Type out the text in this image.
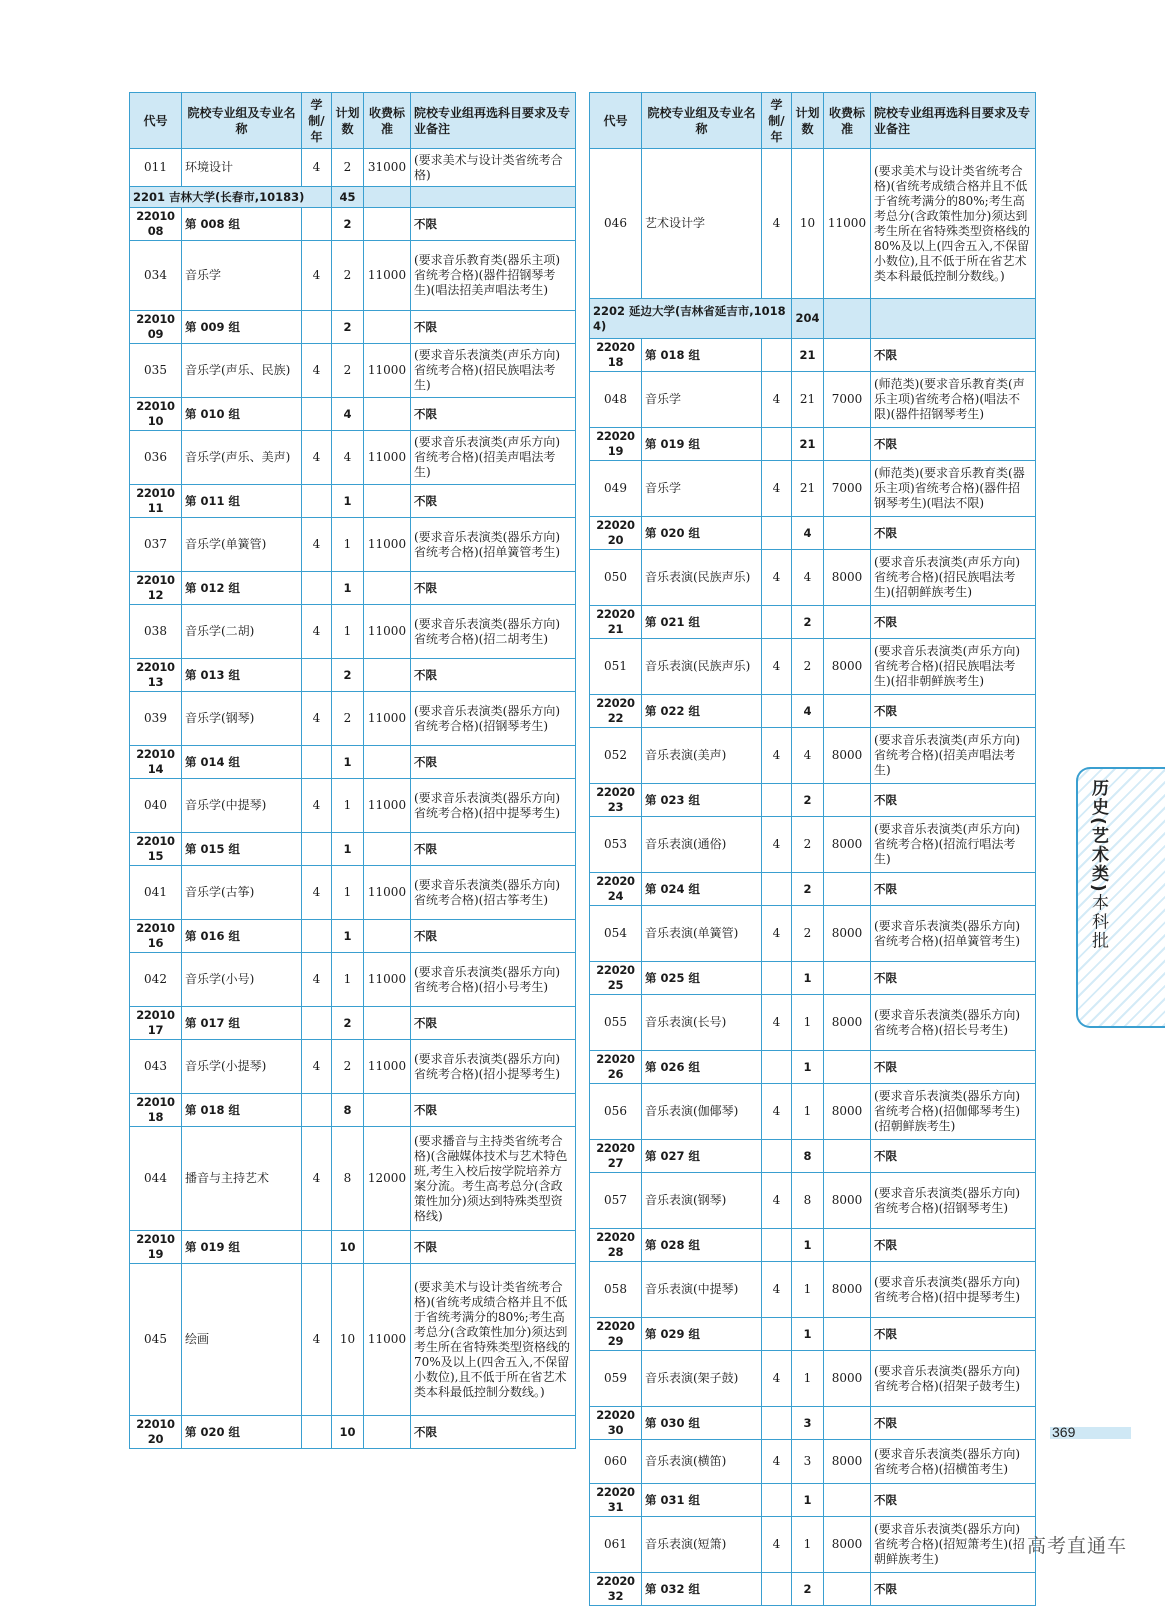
代号	院校专业组及专业名称	学制/年	计划数	收费标准	院校专业组再选科目要求及专业备注
011	环境设计	4	2	31000	(要求美术与设计类省统考合格)
2201 吉林大学(长春市,10183)			45		
2201008	第 008 组		2		不限
034	音乐学	4	2	11000	(要求音乐教育类(器乐主项)省统考合格)(器件招钢琴考生)(唱法招美声唱法考生)
2201009	第 009 组		2		不限
035	音乐学(声乐、民族)	4	2	11000	(要求音乐表演类(声乐方向)省统考合格)(招民族唱法考生)
2201010	第 010 组		4		不限
036	音乐学(声乐、美声)	4	4	11000	(要求音乐表演类(声乐方向)省统考合格)(招美声唱法考生)
2201011	第 011 组		1		不限
037	音乐学(单簧管)	4	1	11000	(要求音乐表演类(器乐方向)省统考合格)(招单簧管考生)
2201012	第 012 组		1		不限
038	音乐学(二胡)	4	1	11000	(要求音乐表演类(器乐方向)省统考合格)(招二胡考生)
2201013	第 013 组		2		不限
039	音乐学(钢琴)	4	2	11000	(要求音乐表演类(器乐方向)省统考合格)(招钢琴考生)
2201014	第 014 组		1		不限
040	音乐学(中提琴)	4	1	11000	(要求音乐表演类(器乐方向)省统考合格)(招中提琴考生)
2201015	第 015 组		1		不限
041	音乐学(古筝)	4	1	11000	(要求音乐表演类(器乐方向)省统考合格)(招古筝考生)
2201016	第 016 组		1		不限
042	音乐学(小号)	4	1	11000	(要求音乐表演类(器乐方向)省统考合格)(招小号考生)
2201017	第 017 组		2		不限
043	音乐学(小提琴)	4	2	11000	(要求音乐表演类(器乐方向)省统考合格)(招小提琴考生)
2201018	第 018 组		8		不限
044	播音与主持艺术	4	8	12000	(要求播音与主持类省统考合格)(含融媒体技术与艺术特色班,考生入校后按学院培养方案分流。考生高考总分(含政策性加分)须达到特殊类型资格线)
2201019	第 019 组		10		不限
045	绘画	4	10	11000	(要求美术与设计类省统考合格)(省统考成绩合格并且不低于省统考满分的80%;考生高考总分(含政策性加分)须达到考生所在省特殊类型资格线的70%及以上(四舍五入,不保留小数位),且不低于所在省艺术类本科最低控制分数线。)
2201020	第 020 组		10		不限
代号	院校专业组及专业名称	学制/年	计划数	收费标准	院校专业组再选科目要求及专业备注
046	艺术设计学	4	10	11000	(要求美术与设计类省统考合格)(省统考成绩合格并且不低于省统考满分的80%;考生高考总分(含政策性加分)须达到考生所在省特殊类型资格线的80%及以上(四舍五入,不保留小数位),且不低于所在省艺术类本科最低控制分数线。)
2202 延边大学(吉林省延吉市,10184)			204		
2202018	第 018 组		21		不限
048	音乐学	4	21	7000	(师范类)(要求音乐教育类(声乐主项)省统考合格)(唱法不限)(器件招钢琴考生)
2202019	第 019 组		21		不限
049	音乐学	4	21	7000	(师范类)(要求音乐教育类(器乐主项)省统考合格)(器件招钢琴考生)(唱法不限)
2202020	第 020 组		4		不限
050	音乐表演(民族声乐)	4	4	8000	(要求音乐表演类(声乐方向)省统考合格)(招民族唱法考生)(招朝鲜族考生)
2202021	第 021 组		2		不限
051	音乐表演(民族声乐)	4	2	8000	(要求音乐表演类(声乐方向)省统考合格)(招民族唱法考生)(招非朝鲜族考生)
2202022	第 022 组		4		不限
052	音乐表演(美声)	4	4	8000	(要求音乐表演类(声乐方向)省统考合格)(招美声唱法考生)
2202023	第 023 组		2		不限
053	音乐表演(通俗)	4	2	8000	(要求音乐表演类(声乐方向)省统考合格)(招流行唱法考生)
2202024	第 024 组		2		不限
054	音乐表演(单簧管)	4	2	8000	(要求音乐表演类(器乐方向)省统考合格)(招单簧管考生)
2202025	第 025 组		1		不限
055	音乐表演(长号)	4	1	8000	(要求音乐表演类(器乐方向)省统考合格)(招长号考生)
2202026	第 026 组		1		不限
056	音乐表演(伽倻琴)	4	1	8000	(要求音乐表演类(器乐方向)省统考合格)(招伽倻琴考生)(招朝鲜族考生)
2202027	第 027 组		8		不限
057	音乐表演(钢琴)	4	8	8000	(要求音乐表演类(器乐方向)省统考合格)(招钢琴考生)
2202028	第 028 组		1		不限
058	音乐表演(中提琴)	4	1	8000	(要求音乐表演类(器乐方向)省统考合格)(招中提琴考生)
2202029	第 029 组		1		不限
059	音乐表演(架子鼓)	4	1	8000	(要求音乐表演类(器乐方向)省统考合格)(招架子鼓考生)
2202030	第 030 组		3		不限
060	音乐表演(横笛)	4	3	8000	(要求音乐表演类(器乐方向)省统考合格)(招横笛考生)
2202031	第 031 组		1		不限
061	音乐表演(短箫)	4	1	8000	(要求音乐表演类(器乐方向)省统考合格)(招短箫考生)(招朝鲜族考生)
2202032	第 032 组		2		不限
历史(艺术类)本科批
369
高考直通车
